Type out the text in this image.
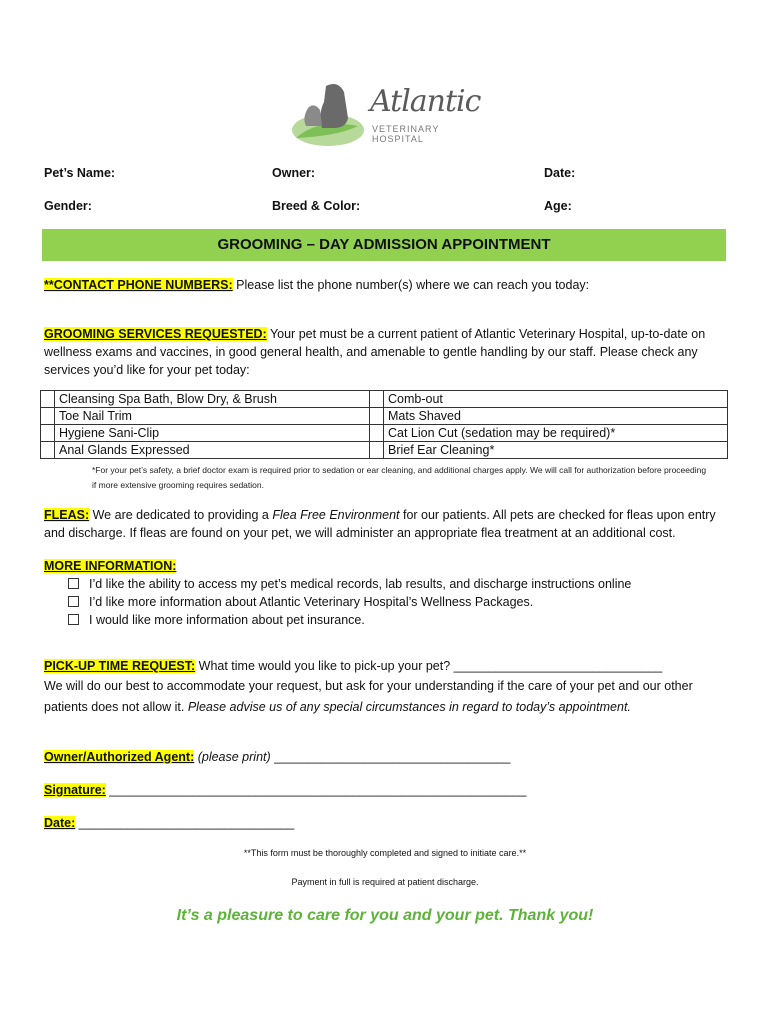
Atlantic
VETERINARY HOSPITAL
Pet’s Name:	Owner:	Date:
Gender:	Breed & Color:	Age:
GROOMING – DAY ADMISSION APPOINTMENT
**CONTACT PHONE NUMBERS: Please list the phone number(s) where we can reach you today:
GROOMING SERVICES REQUESTED: Your pet must be a current patient of Atlantic Veterinary Hospital, up-to-date on wellness exams and vaccines, in good general health, and amenable to gentle handling by our staff. Please check any services you’d like for your pet today:
	Cleansing Spa Bath, Blow Dry, & Brush		Comb-out
	Toe Nail Trim		Mats Shaved
	Hygiene Sani-Clip		Cat Lion Cut (sedation may be required)*
	Anal Glands Expressed		Brief Ear Cleaning*
*For your pet’s safety, a brief doctor exam is required prior to sedation or ear cleaning, and additional charges apply. We will call for authorization before proceeding if more extensive grooming requires sedation.
FLEAS: We are dedicated to providing a Flea Free Environment for our patients. All pets are checked for fleas upon entry and discharge. If fleas are found on your pet, we will administer an appropriate flea treatment at an additional cost.
MORE INFORMATION:
I’d like the ability to access my pet’s medical records, lab results, and discharge instructions online
I’d like more information about Atlantic Veterinary Hospital’s Wellness Packages.
I would like more information about pet insurance.
PICK-UP TIME REQUEST: What time would you like to pick-up your pet? ______________________________
We will do our best to accommodate your request, but ask for your understanding if the care of your pet and our other patients does not allow it. Please advise us of any special circumstances in regard to today’s appointment.
Owner/Authorized Agent: (please print) __________________________________
Signature: ____________________________________________________________
Date: _______________________________
**This form must be thoroughly completed and signed to initiate care.**
Payment in full is required at patient discharge.
It’s a pleasure to care for you and your pet. Thank you!
